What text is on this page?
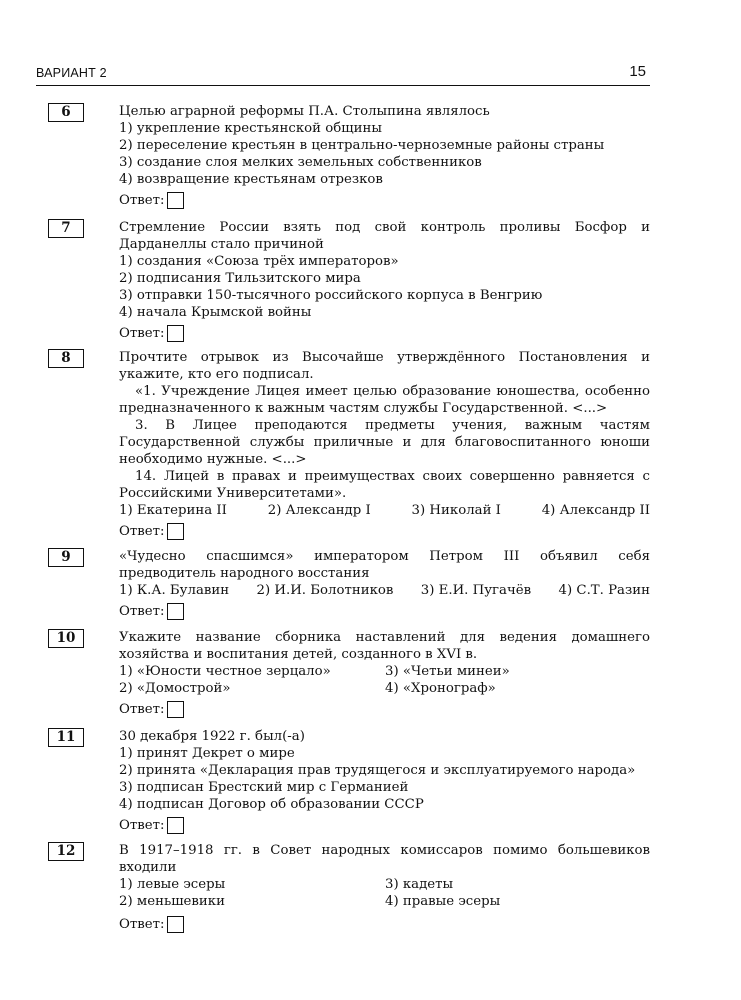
ВАРИАНТ 2	15
6	Целью аграрной реформы П.А. Столыпина являлось

1) укрепление крестьянской общины

2) переселение крестьян в центрально-черноземные районы страны

3) создание слоя мелких земельных собственников

4) возвращение крестьянам отрезков

Ответ:
7	Стремление России взять под свой контроль проливы Босфор и Дарданеллы стало причиной

1) создания «Союза трёх императоров»

2) подписания Тильзитского мира

3) отправки 150-тысячного российского корпуса в Венгрию

4) начала Крымской войны

Ответ:
8	Прочтите отрывок из Высочайше утверждённого Постановления и укажите, кто его подписал.

«1. Учреждение Лицея имеет целью образование юношества, особенно предназначенного к важным частям службы Государственной. <...>

3. В Лицее преподаются предметы учения, важным частям Государственной службы приличные и для благовоспитанного юноши необходимо нужные. <...>

14. Лицей в правах и преимуществах своих совершенно равняется с Российскими Университетами».

1) Екатерина II	2) Александр I	3) Николай I	4) Александр II
Ответ:
9	«Чудесно спасшимся» императором Петром III объявил себя предводитель народного восстания

1) К.А. Булавин 2) И.И. Болотников 3) Е.И. Пугачёв 4) С.Т. Разин
Ответ:
10	Укажите название сборника наставлений для ведения домашнего хозяйства и воспитания детей, созданного в XVI в.

1) «Юности честное зерцало»	3) «Четьи минеи»
2) «Домострой»	4) «Хронограф»
Ответ:
11	30 декабря 1922 г. был(-а)

1) принят Декрет о мире

2) принята «Декларация прав трудящегося и эксплуатируемого народа»

3) подписан Брестский мир с Германией

4) подписан Договор об образовании СССР

Ответ:
12	В 1917–1918 гг. в Совет народных комиссаров помимо большевиков входили

1) левые эсеры	3) кадеты
2) меньшевики	4) правые эсеры
Ответ:
